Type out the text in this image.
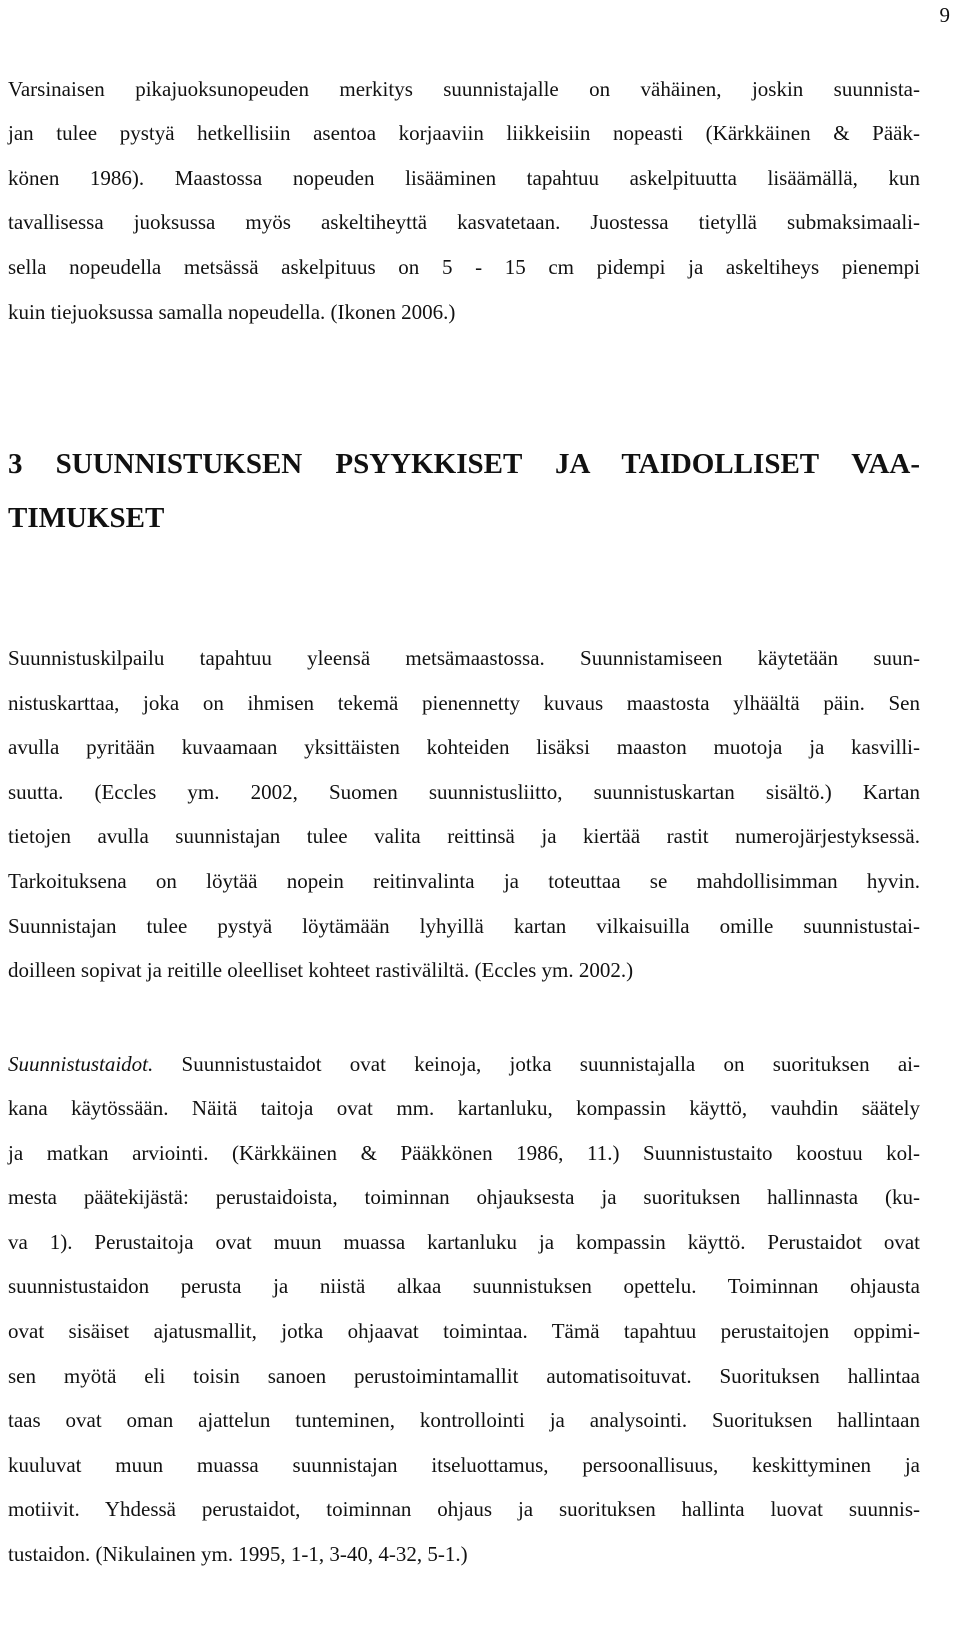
9
Varsinaisen pikajuoksunopeuden merkitys suunnistajalle on vähäinen, joskin suunnista-
jan tulee pystyä hetkellisiin asentoa korjaaviin liikkeisiin nopeasti (Kärkkäinen & Pääk-
könen 1986). Maastossa nopeuden lisääminen tapahtuu askelpituutta lisäämällä, kun
tavallisessa juoksussa myös askeltiheyttä kasvatetaan. Juostessa tietyllä submaksimaali-
sella nopeudella metsässä askelpituus on 5 - 15 cm pidempi ja askeltiheys pienempi
kuin tiejuoksussa samalla nopeudella. (Ikonen 2006.)
3 SUUNNISTUKSEN PSYYKKISET JA TAIDOLLISET VAA-
TIMUKSET
Suunnistuskilpailu tapahtuu yleensä metsämaastossa. Suunnistamiseen käytetään suun-
nistuskarttaa, joka on ihmisen tekemä pienennetty kuvaus maastosta ylhäältä päin. Sen
avulla pyritään kuvaamaan yksittäisten kohteiden lisäksi maaston muotoja ja kasvilli-
suutta. (Eccles ym. 2002, Suomen suunnistusliitto, suunnistuskartan sisältö.) Kartan
tietojen avulla suunnistajan tulee valita reittinsä ja kiertää rastit numerojärjestyksessä.
Tarkoituksena on löytää nopein reitinvalinta ja toteuttaa se mahdollisimman hyvin.
Suunnistajan tulee pystyä löytämään lyhyillä kartan vilkaisuilla omille suunnistustai-
doilleen sopivat ja reitille oleelliset kohteet rastiväliltä. (Eccles ym. 2002.)
Suunnistustaidot. Suunnistustaidot ovat keinoja, jotka suunnistajalla on suorituksen ai-
kana käytössään. Näitä taitoja ovat mm. kartanluku, kompassin käyttö, vauhdin säätely
ja matkan arviointi. (Kärkkäinen & Pääkkönen 1986, 11.) Suunnistustaito koostuu kol-
mesta päätekijästä: perustaidoista, toiminnan ohjauksesta ja suorituksen hallinnasta (ku-
va 1). Perustaitoja ovat muun muassa kartanluku ja kompassin käyttö. Perustaidot ovat
suunnistustaidon perusta ja niistä alkaa suunnistuksen opettelu. Toiminnan ohjausta
ovat sisäiset ajatusmallit, jotka ohjaavat toimintaa. Tämä tapahtuu perustaitojen oppimi-
sen myötä eli toisin sanoen perustoimintamallit automatisoituvat. Suorituksen hallintaa
taas ovat oman ajattelun tunteminen, kontrollointi ja analysointi. Suorituksen hallintaan
kuuluvat muun muassa suunnistajan itseluottamus, persoonallisuus, keskittyminen ja
motiivit. Yhdessä perustaidot, toiminnan ohjaus ja suorituksen hallinta luovat suunnis-
tustaidon. (Nikulainen ym. 1995, 1-1, 3-40, 4-32, 5-1.)
